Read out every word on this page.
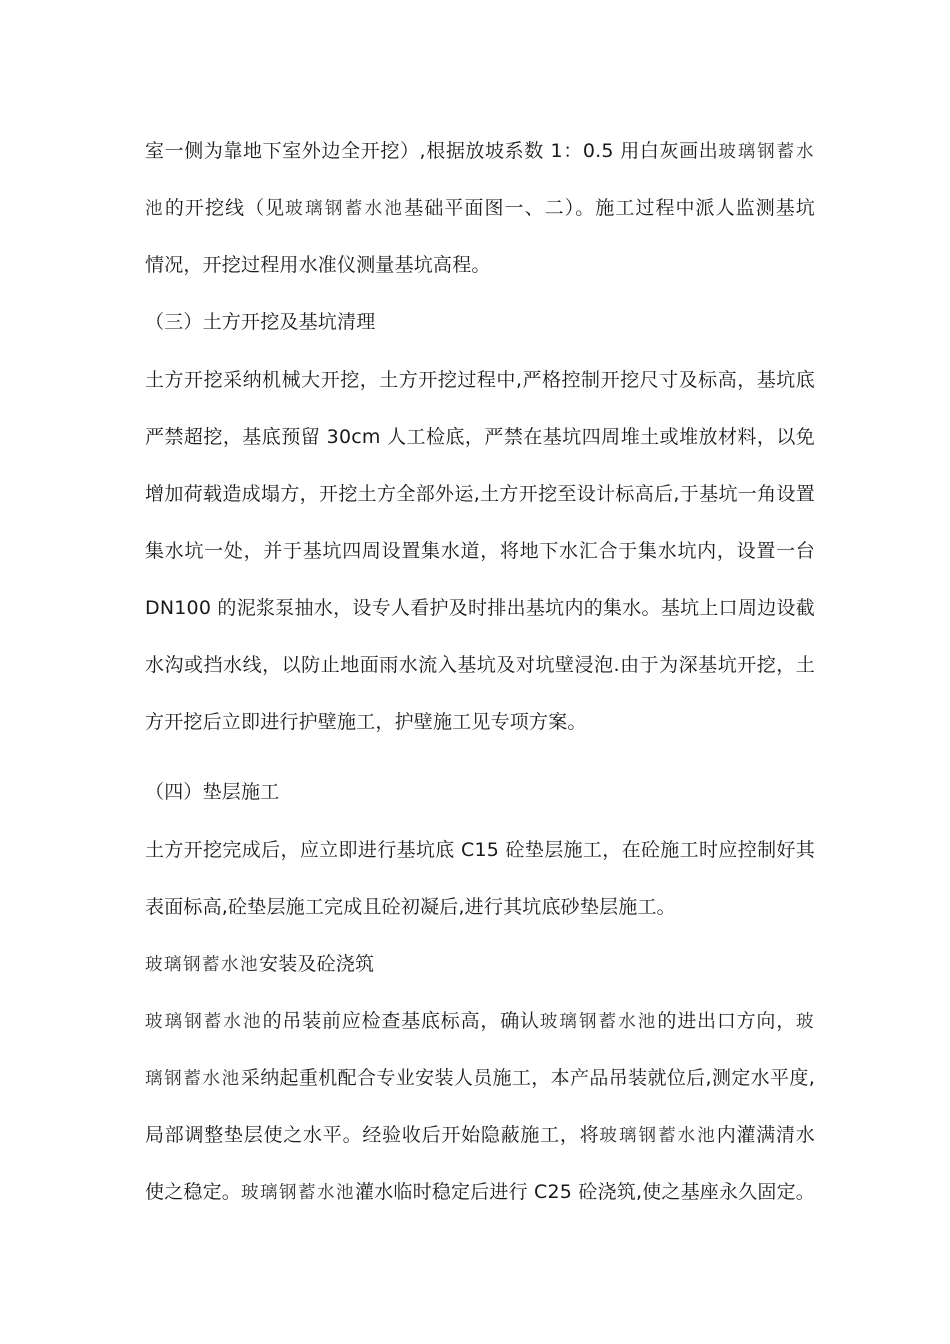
室一侧为靠地下室外边全开挖）,根据放坡系数 1：0.5 用白灰画出玻璃钢蓄水
池的开挖线（见玻璃钢蓄水池基础平面图一、二）。施工过程中派人监测基坑
情况，开挖过程用水准仪测量基坑高程。
（三）土方开挖及基坑清理
土方开挖采纳机械大开挖，土方开挖过程中,严格控制开挖尺寸及标高，基坑底
严禁超挖，基底预留 30cm 人工检底，严禁在基坑四周堆土或堆放材料，以免
增加荷载造成塌方，开挖土方全部外运,土方开挖至设计标高后,于基坑一角设置
集水坑一处，并于基坑四周设置集水道，将地下水汇合于集水坑内，设置一台
DN100 的泥浆泵抽水，设专人看护及时排出基坑内的集水。基坑上口周边设截
水沟或挡水线，以防止地面雨水流入基坑及对坑壁浸泡.由于为深基坑开挖，土
方开挖后立即进行护壁施工，护壁施工见专项方案。
（四）垫层施工
土方开挖完成后，应立即进行基坑底 C15 砼垫层施工，在砼施工时应控制好其
表面标高,砼垫层施工完成且砼初凝后,进行其坑底砂垫层施工。
玻璃钢蓄水池安装及砼浇筑
玻璃钢蓄水池的吊装前应检查基底标高，确认玻璃钢蓄水池的进出口方向，玻
璃钢蓄水池采纳起重机配合专业安装人员施工，本产品吊装就位后,测定水平度,
局部调整垫层使之水平。经验收后开始隐蔽施工，将玻璃钢蓄水池内灌满清水
使之稳定。玻璃钢蓄水池灌水临时稳定后进行 C25 砼浇筑,使之基座永久固定。
